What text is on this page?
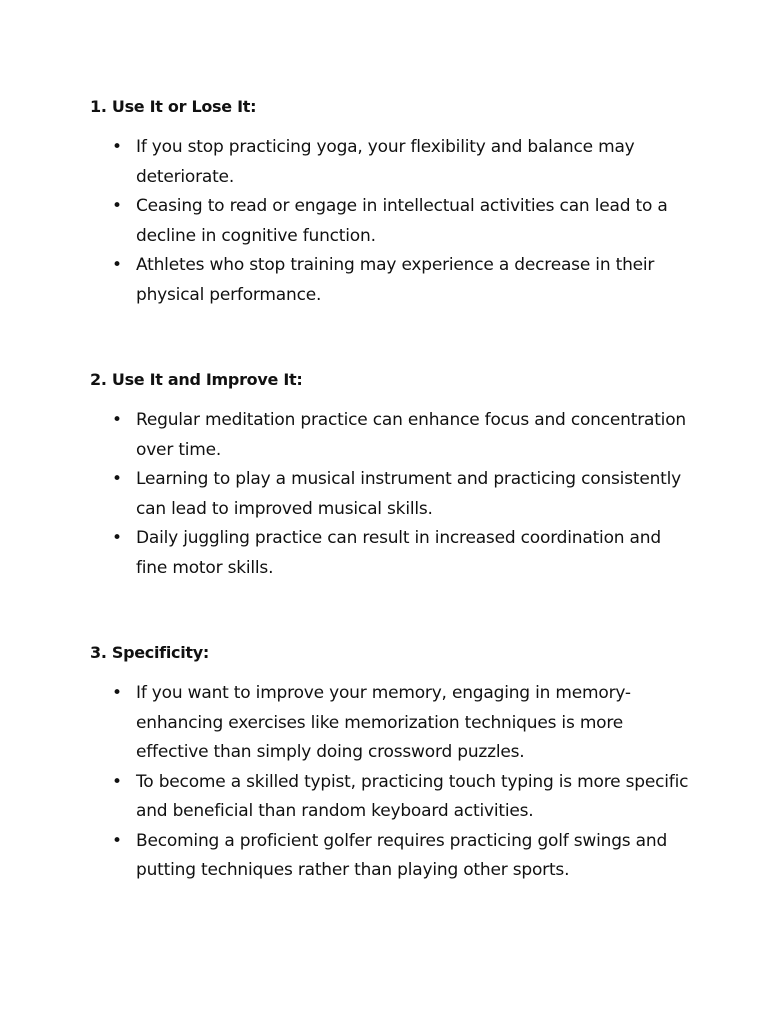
1. Use It or Lose It:
• If you stop practicing yoga, your flexibility and balance may deteriorate.
• Ceasing to read or engage in intellectual activities can lead to a decline in cognitive function.
• Athletes who stop training may experience a decrease in their physical performance.
2. Use It and Improve It:
• Regular meditation practice can enhance focus and concentration over time.
• Learning to play a musical instrument and practicing consistently can lead to improved musical skills.
• Daily juggling practice can result in increased coordination and fine motor skills.
3. Specificity:
• If you want to improve your memory, engaging in memory-enhancing exercises like memorization techniques is more effective than simply doing crossword puzzles.
• To become a skilled typist, practicing touch typing is more specific and beneficial than random keyboard activities.
• Becoming a proficient golfer requires practicing golf swings and putting techniques rather than playing other sports.
